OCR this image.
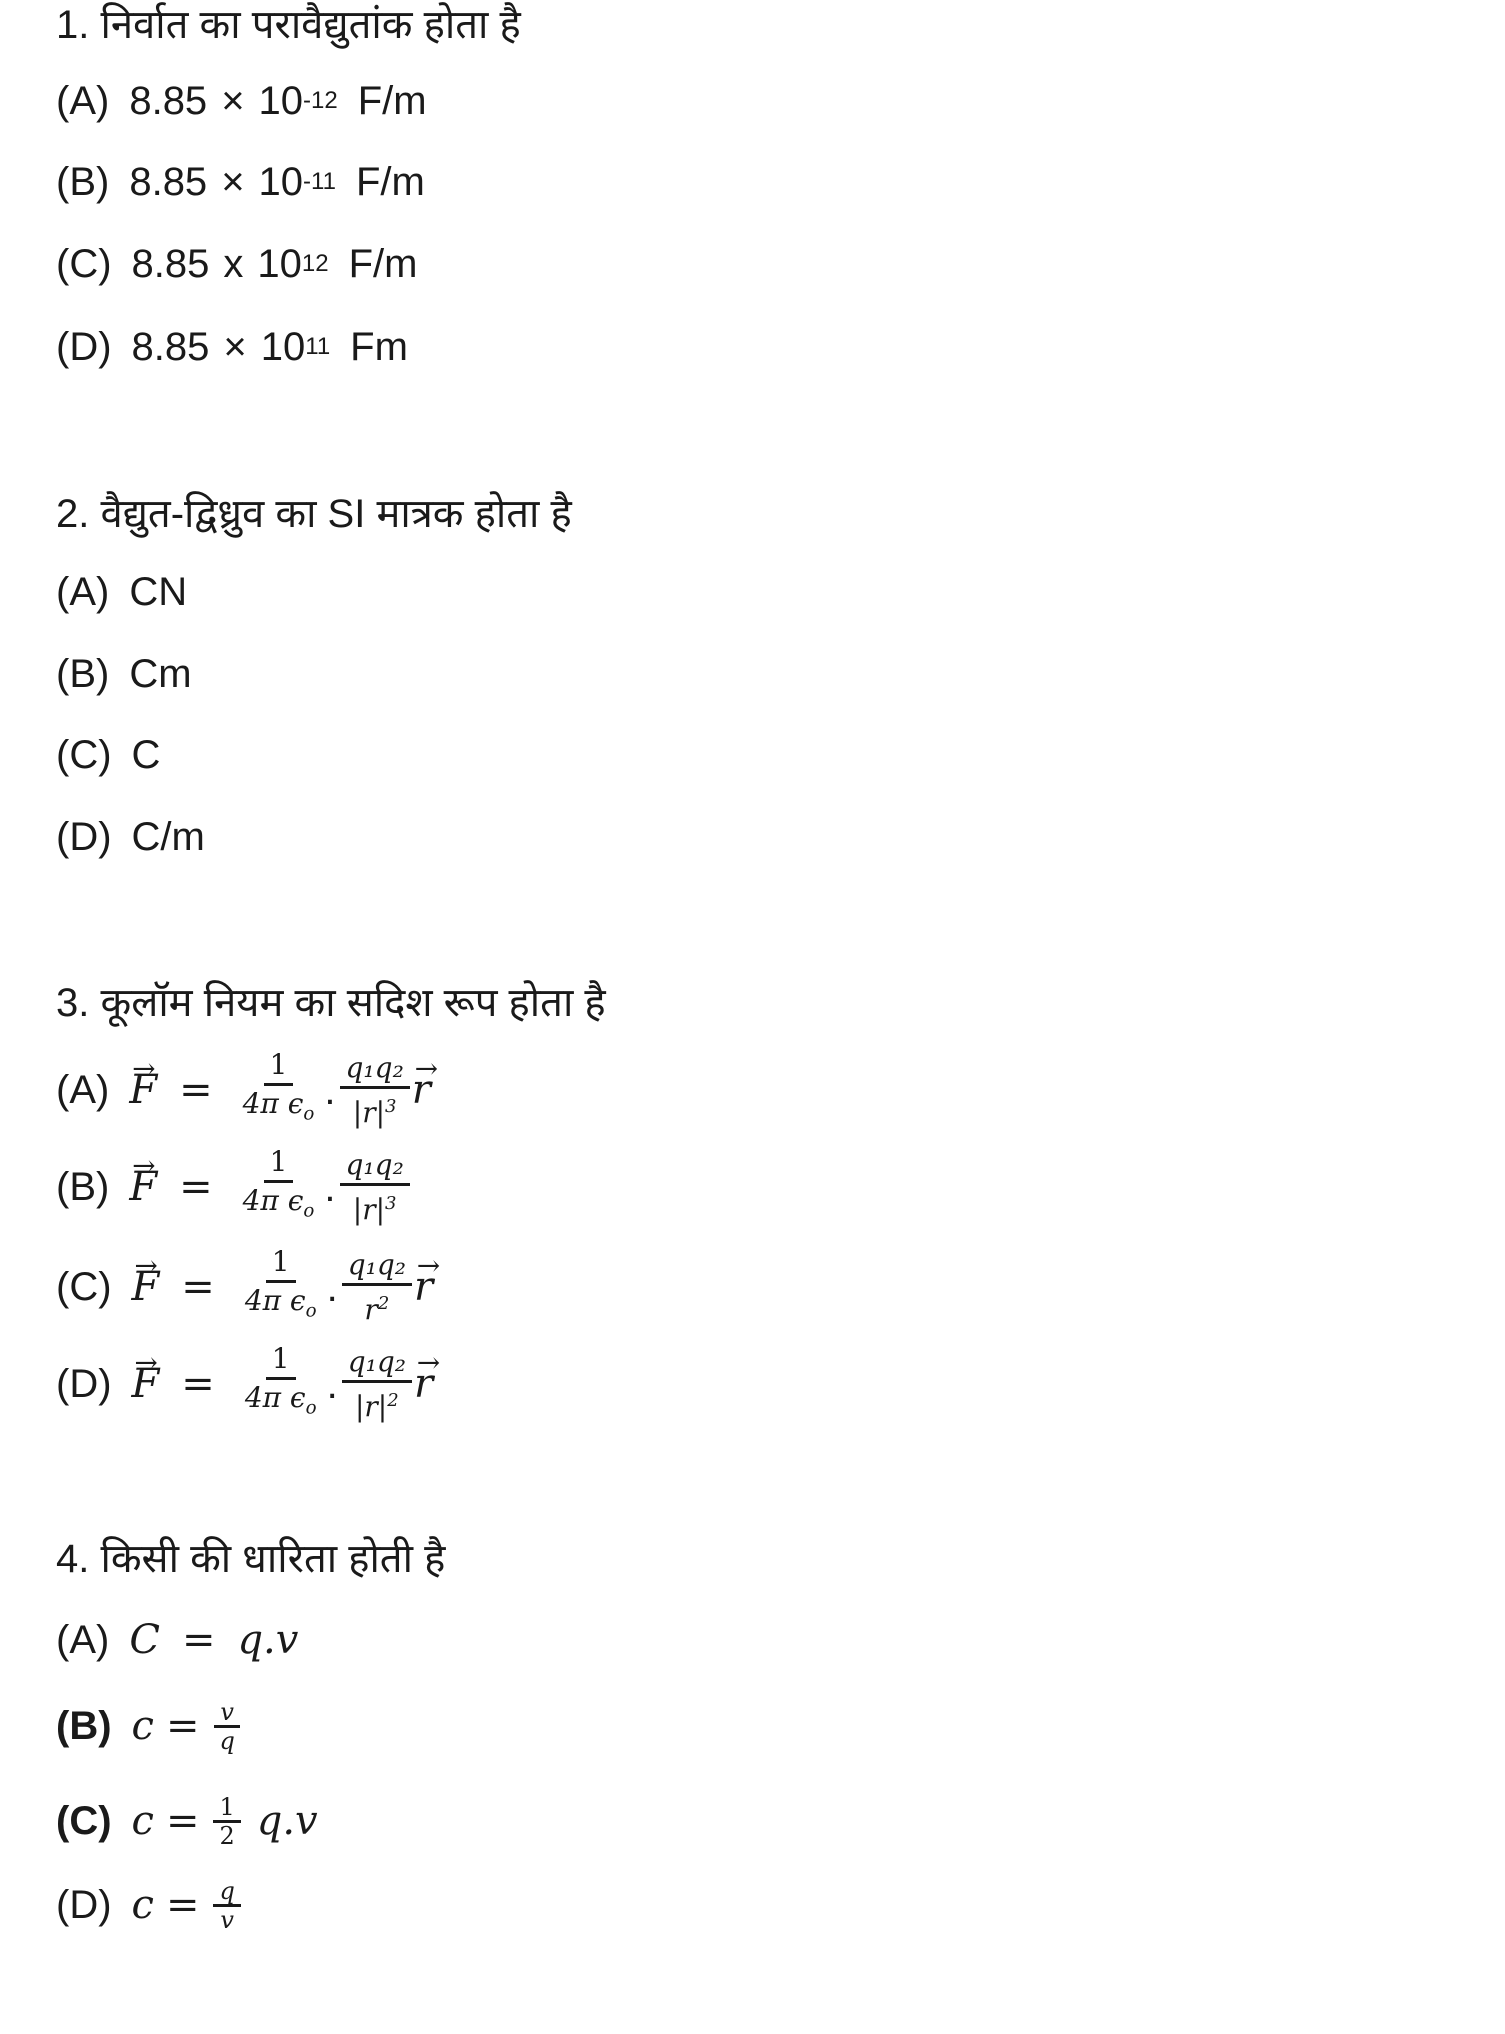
1. निर्वात का परावैद्युतांक होता है
(A) 8.85 × 10 -12 F/m
(B) 8.85 × 10 -11 F/m
(C) 8.85 x 10 12 F/m
(D) 8.85 × 10 11 Fm
2. वैद्युत-द्विध्रुव का SI मात्रक होता है
(A) CN
(B) Cm
(C) C
(D) C/m
3. कूलॉम नियम का सदिश रूप होता है
$(A) \to F = \frac{1}{4\pi \epsilon_o}$ . $\frac{\text{q₁q₂}}{|r|^3} \to r$
$(B) \to F = \frac{1}{4\pi \epsilon_o}$ . $\frac{\text{q₁q₂}}{|r|^3}$
$(C) \to F = \frac{1}{4\pi \epsilon_o}$ . $\frac{\text{q₁q₂}}{r^2} \to r$
$(D) \to F = \frac{1}{4\pi \epsilon_o}$ . $\frac{\text{q₁q₂}}{|r|^2} \to r$
4. किसी की धारिता होती है
(A) C = q.v
(B) $c = \frac{v}{q}$
(C) $c = \frac{1}{2} q.v$
(D) $c = \frac{q}{v}$
